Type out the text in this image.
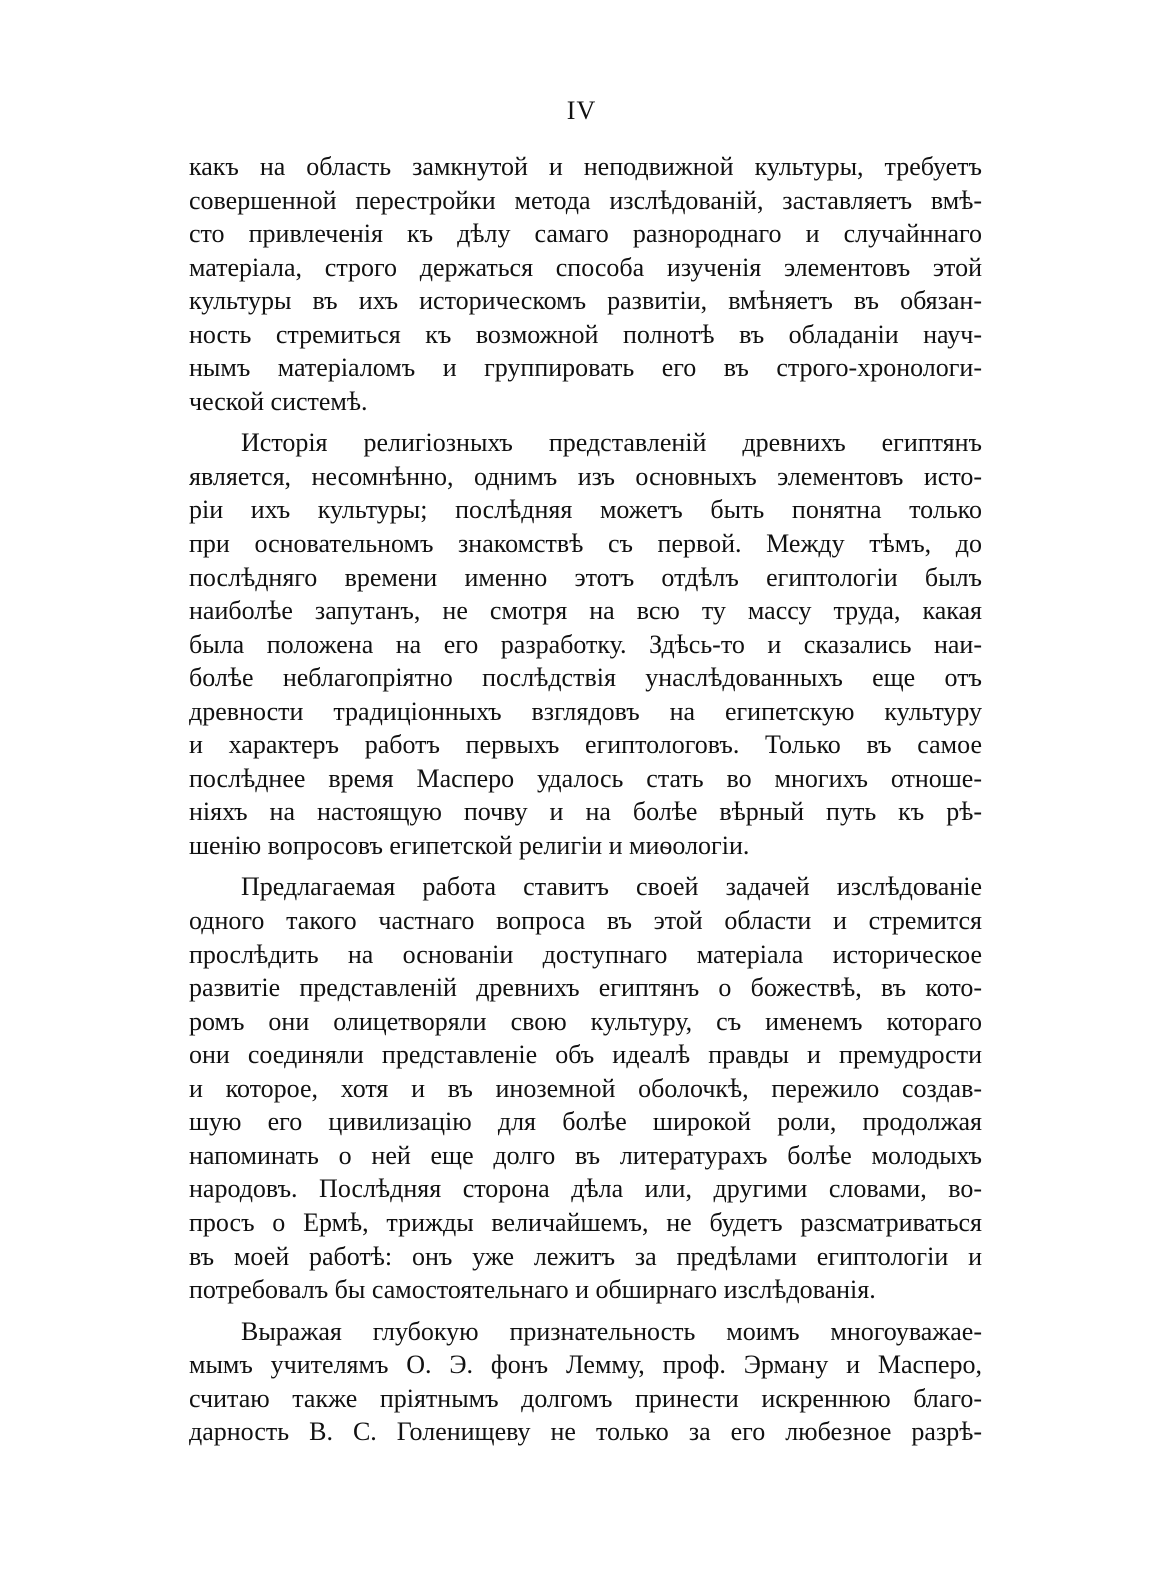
IV
какъ на область замкнутой и неподвижной культуры, требуетъ
совершенной перестройки метода изслѣдованій, заставляетъ вмѣ-
сто привлеченія къ дѣлу самаго разнороднаго и случайннаго
матеріала, строго держаться способа изученія элементовъ этой
культуры въ ихъ историческомъ развитіи, вмѣняетъ въ обязан-
ность стремиться къ возможной полнотѣ въ обладаніи науч-
нымъ матеріаломъ и группировать его въ строго-хронологи-
ческой системѣ.
Исторія религіозныхъ представленій древнихъ египтянъ
является, несомнѣнно, однимъ изъ основныхъ элементовъ исто-
ріи ихъ культуры; послѣдняя можетъ быть понятна только
при основательномъ знакомствѣ съ первой. Между тѣмъ, до
послѣдняго времени именно этотъ отдѣлъ египтологіи былъ
наиболѣе запутанъ, не смотря на всю ту массу труда, какая
была положена на его разработку. Здѣсь-то и сказались наи-
болѣе неблагопріятно послѣдствія унаслѣдованныхъ еще отъ
древности традиціонныхъ взглядовъ на египетскую культуру
и характеръ работъ первыхъ египтологовъ. Только въ самое
послѣднее время Масперо удалось стать во многихъ отноше-
ніяхъ на настоящую почву и на болѣе вѣрный путь къ рѣ-
шенію вопросовъ египетской религіи и миѳологіи.
Предлагаемая работа ставитъ своей задачей изслѣдованіе
одного такого частнаго вопроса въ этой области и стремится
прослѣдить на основаніи доступнаго матеріала историческое
развитіе представленій древнихъ египтянъ о божествѣ, въ кото-
ромъ они олицетворяли свою культуру, съ именемъ котораго
они соединяли представленіе объ идеалѣ правды и премудрости
и которое, хотя и въ иноземной оболочкѣ, пережило создав-
шую его цивилизацію для болѣе широкой роли, продолжая
напоминать о ней еще долго въ литературахъ болѣе молодыхъ
народовъ. Послѣдняя сторона дѣла или, другими словами, во-
просъ о Ермѣ, трижды величайшемъ, не будетъ разсматриваться
въ моей работѣ: онъ уже лежитъ за предѣлами египтологіи и
потребовалъ бы самостоятельнаго и обширнаго изслѣдованія.
Выражая глубокую признательность моимъ многоуважае-
мымъ учителямъ О. Э. фонъ Лемму, проф. Эрману и Масперо,
считаю также пріятнымъ долгомъ принести искреннюю благо-
дарность В. С. Голенищеву не только за его любезное разрѣ-
